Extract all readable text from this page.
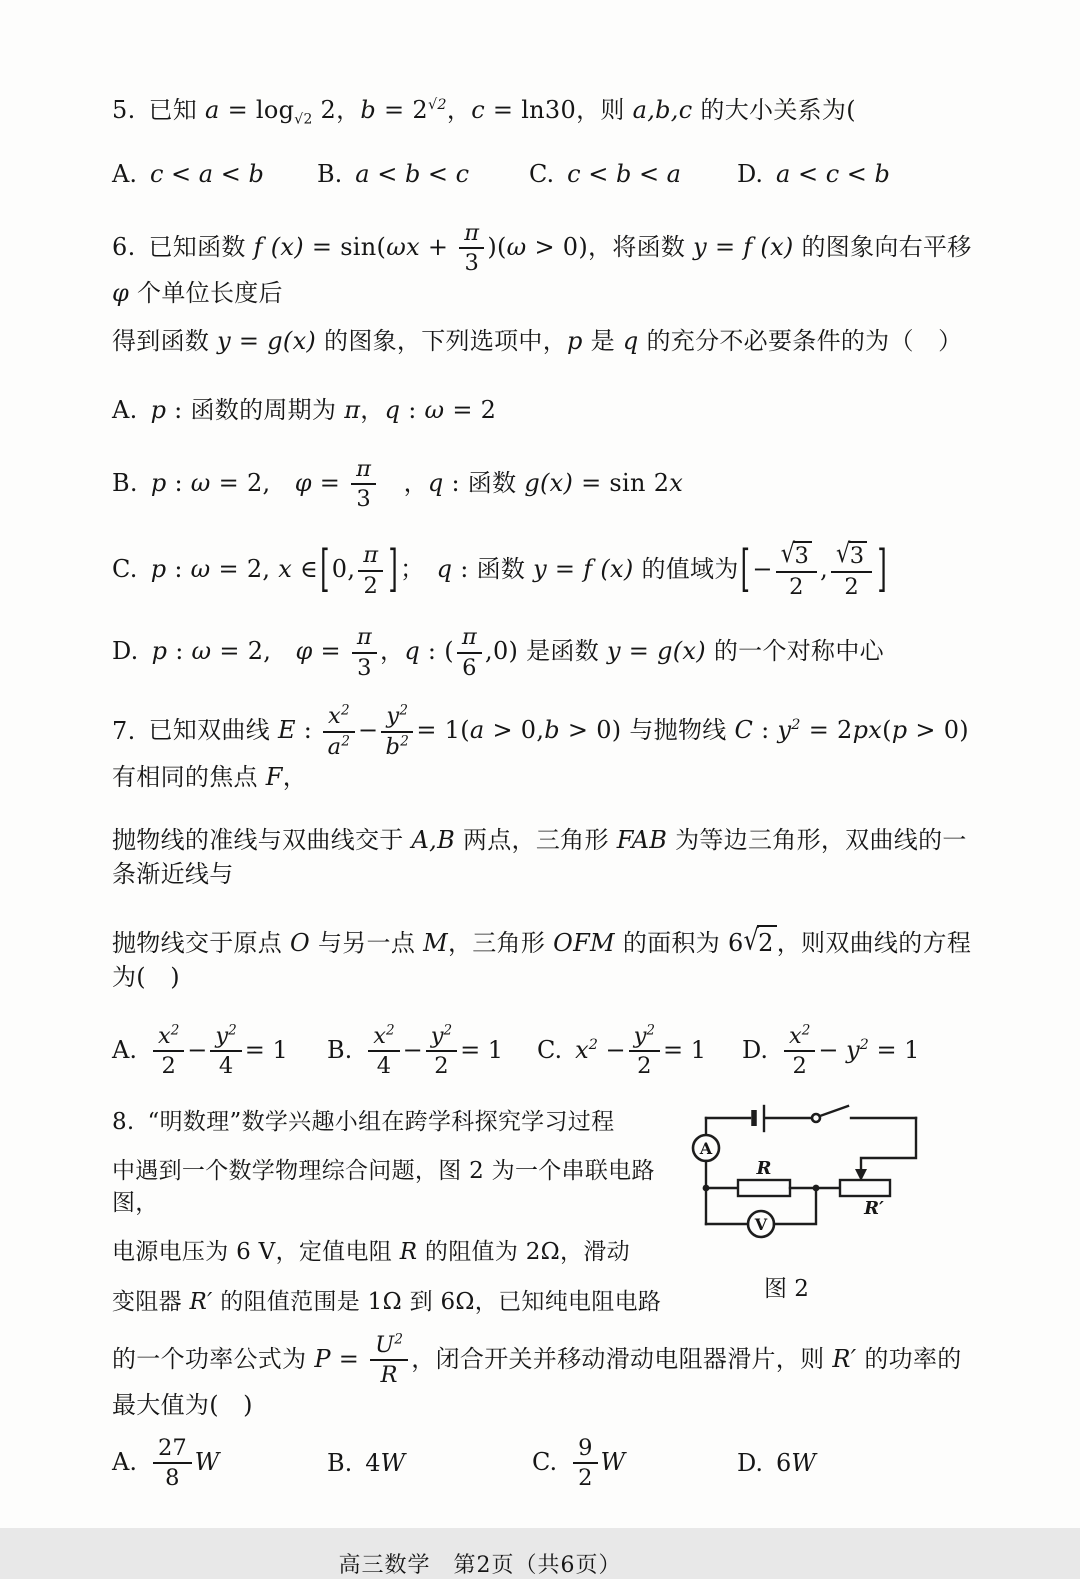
5. 已知 $a = \log_{√2} 2$，$b = 2^{√2}$，c = ln30，则 a,b,c 的大小关系为(
A. c < a < b	B. a < b < c	C. c < b < a	D. a < c < b
6. 已知函数 f $(x) = \sin(\omega x + \frac{\pi}{3} )(\omega > 0)$，将函数 y = f (x) 的图象向右平移 φ 个单位长度后
得到函数 y = g(x) 的图象，下列选项中，p 是 q 的充分不必要条件的为（　）
A. p : 函数的周期为 π，q : ω = 2
B. p : ω = 2,　$\varphi = \frac{\pi}{3}$ 　，q : 函数 g(x) = sin 2x
C. p : ω = 2, x ∈[0, $\frac{\pi}{2}$ ]；　q : 函数 y = f (x) 的值域为[− $\frac{√3}{2}$ , $\frac{√3}{2}$ ]
D. p : ω = 2,　$\varphi = \frac{\pi}{3}$ ，q : ( $\frac{\pi}{6} ,0$) 是函数 y = g(x) 的一个对称中心
7. 已知双曲线 E : $\frac{x^2}{a^2} - \frac{y^2}{b^2} = 1(a > 0,b > 0)$ 与抛物线 C : $y^2 = 2px(p > 0)$ 有相同的焦点 F，
抛物线的准线与双曲线交于 A,B 两点，三角形 FAB 为等边三角形，双曲线的一条渐近线与
抛物线交于原点 O 与另一点 M，三角形 OFM 的面积为 6√2 ，则双曲线的方程为(　)
A. $\frac{x^2}{2} - \frac{y^2}{4} = 1$	B. $\frac{x^2}{4} - \frac{y^2}{2} = 1$	C. $x^2 - \frac{y^2}{2} = 1$	D. $\frac{x^2}{2} - y^2 = 1$
8. “明数理”数学兴趣小组在跨学科探究学习过程
中遇到一个数学物理综合问题，图 2 为一个串联电路图，
电源电压为 6 V，定值电阻 R 的阻值为 2Ω，滑动
变阻器 R′ 的阻值范围是 1Ω 到 6Ω，已知纯电阻电路
A
R
R′
V
图 2
的一个功率公式为 $P = \frac{U^2}{R}$ ，闭合开关并移动滑动电阻器滑片，则 R′ 的功率的最大值为(　)
A. $\frac{27}{8}$ W	B. 4W	C. $\frac{9}{2}$ W	D. 6W
高三数学　第2页（共6页）
